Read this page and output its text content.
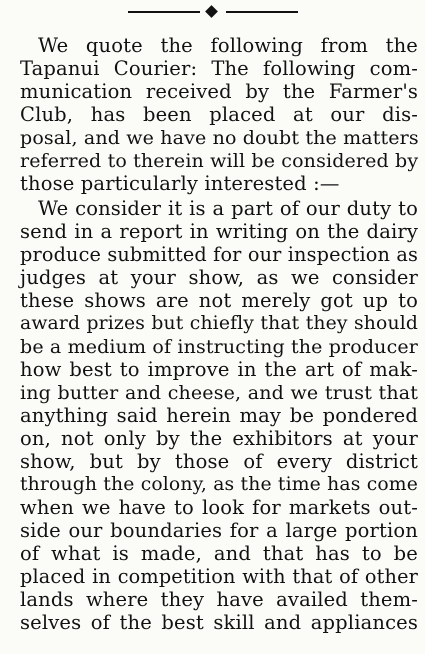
We quote the following from the
Tapanui Courier: The following com-
munication received by the Farmer's
Club, has been placed at our dis-
posal, and we have no doubt the matters
referred to therein will be considered by
those particularly interested :—
We consider it is a part of our duty to
send in a report in writing on the dairy
produce submitted for our inspection as
judges at your show, as we consider
these shows are not merely got up to
award prizes but chiefly that they should
be a medium of instructing the producer
how best to improve in the art of mak-
ing butter and cheese, and we trust that
anything said herein may be pondered
on, not only by the exhibitors at your
show, but by those of every district
through the colony, as the time has come
when we have to look for markets out-
side our boundaries for a large portion
of what is made, and that has to be
placed in competition with that of other
lands where they have availed them-
selves of the best skill and appliances
